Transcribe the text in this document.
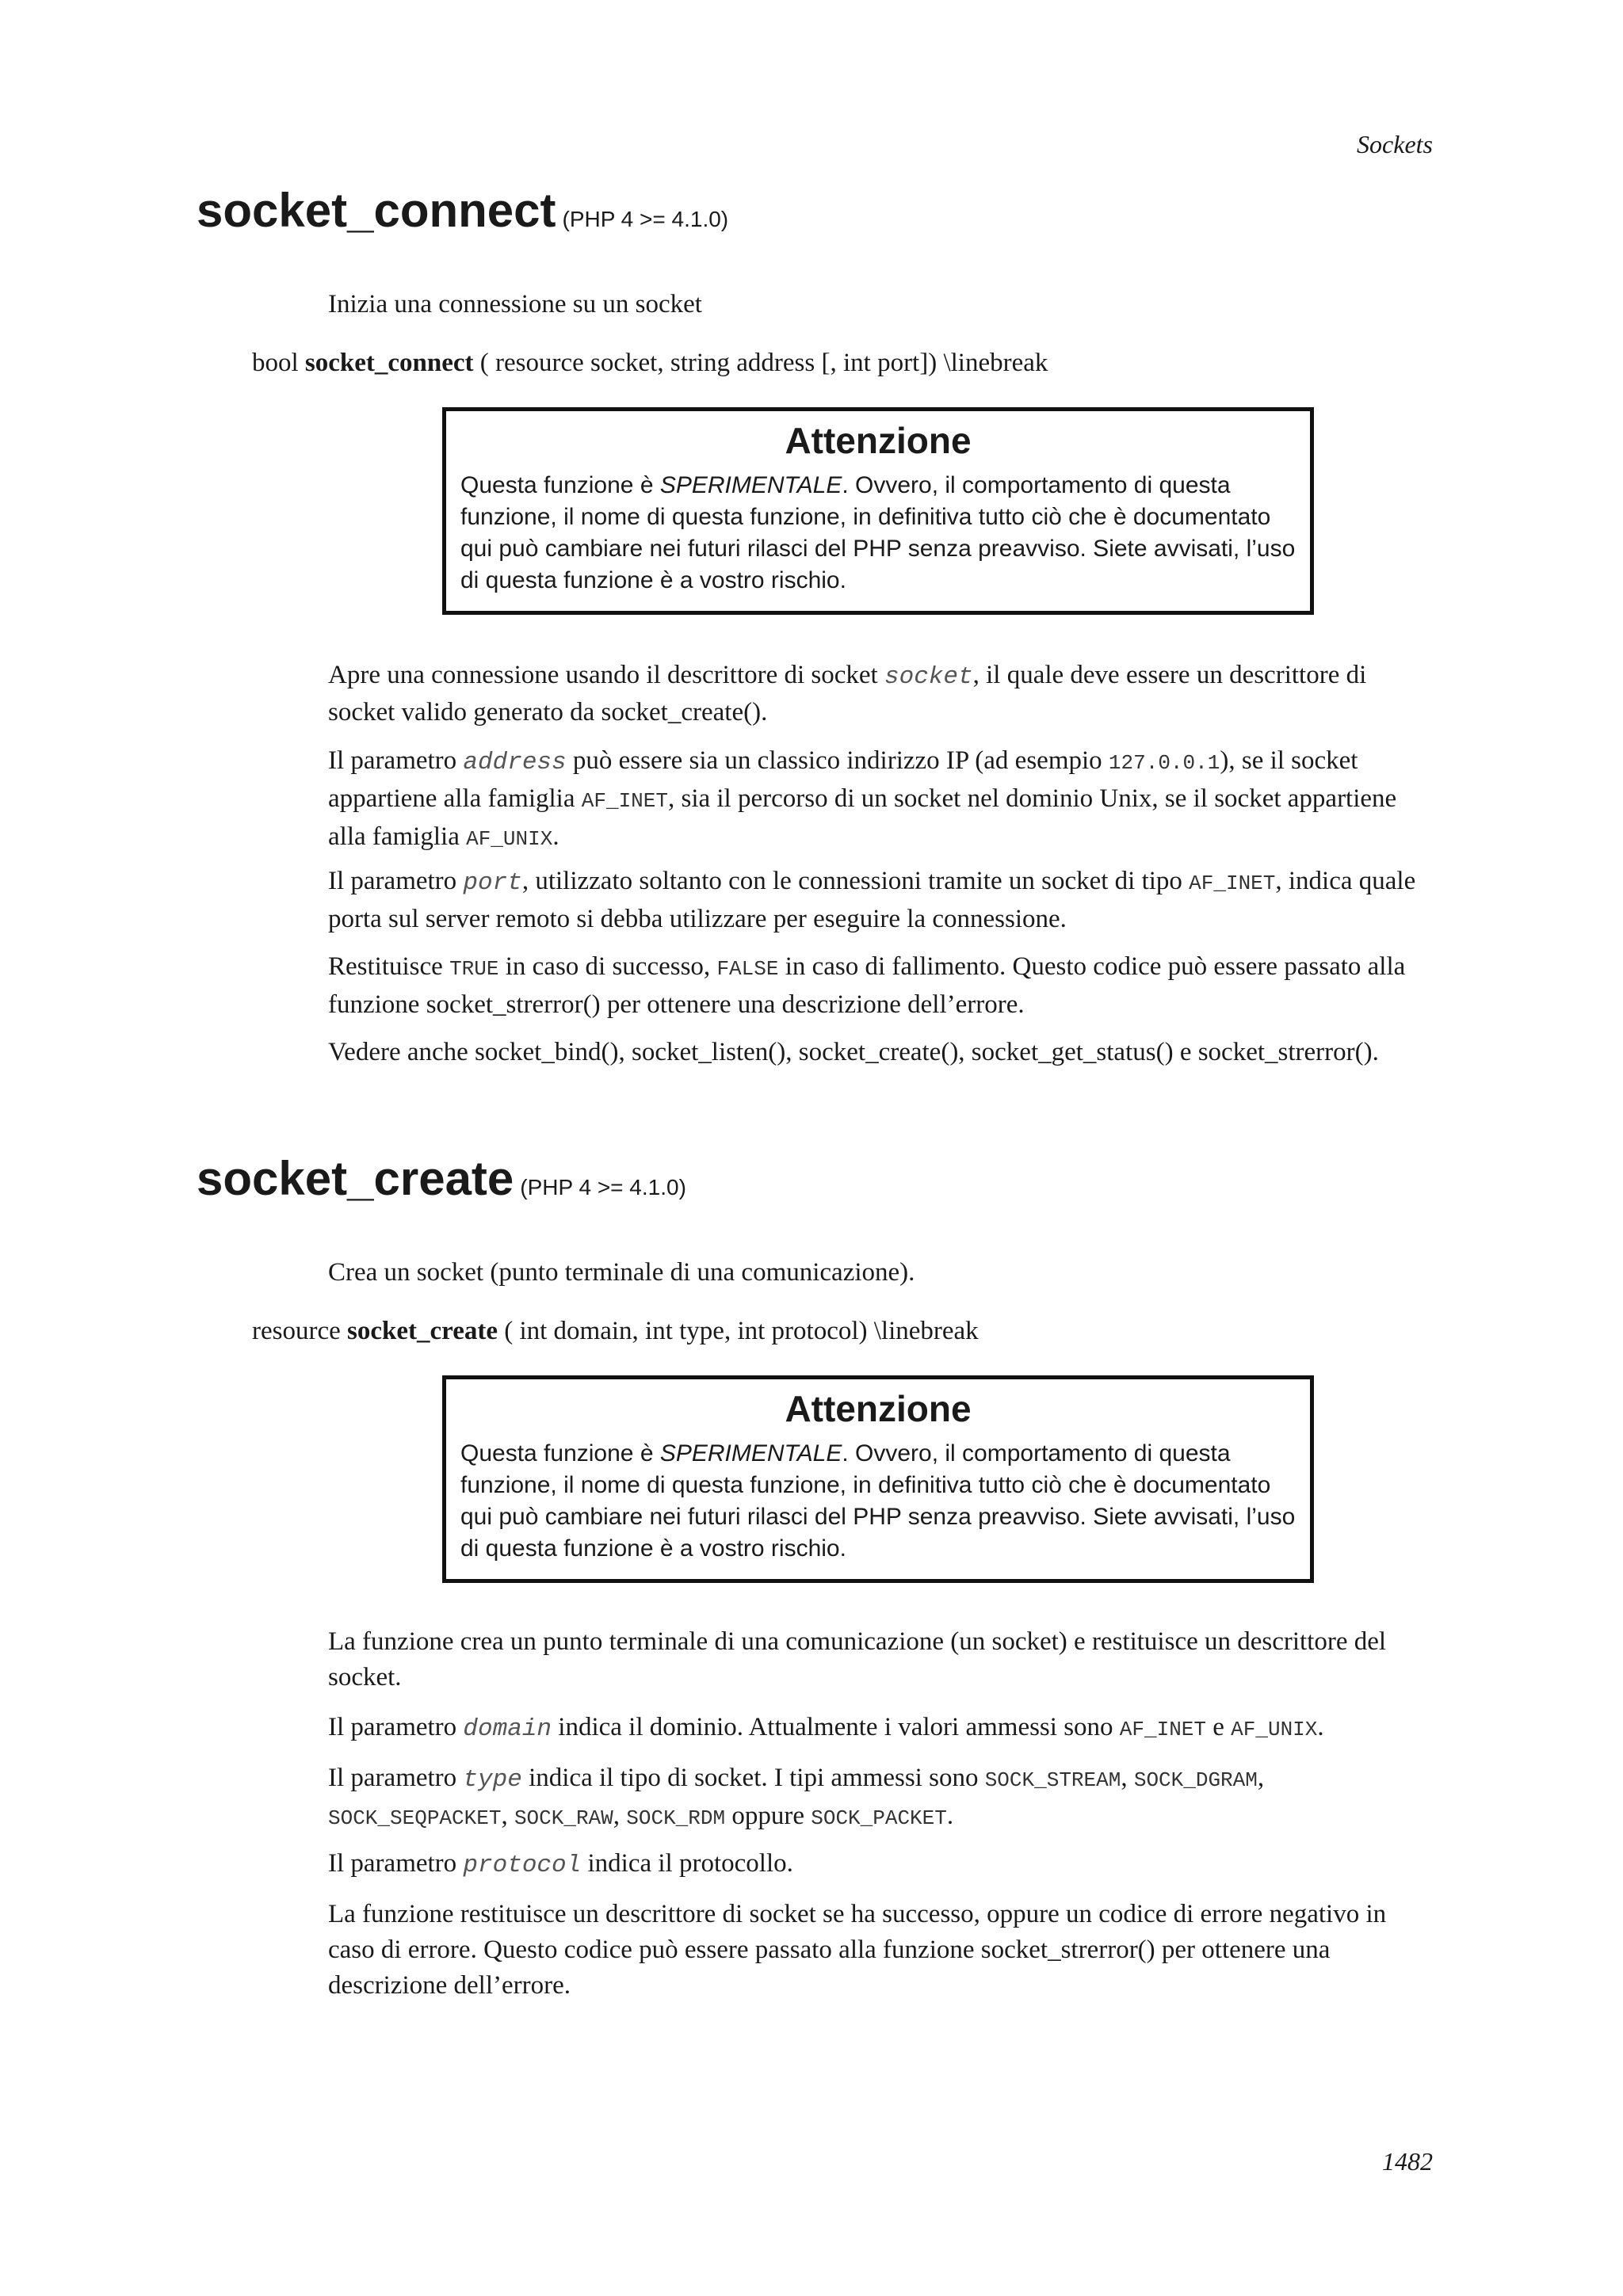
Sockets
socket_connect (PHP 4 >= 4.1.0)
Inizia una connessione su un socket
bool socket_connect ( resource socket, string address [, int port]) \linebreak
Attenzione
Questa funzione è SPERIMENTALE. Ovvero, il comportamento di questa funzione, il nome di questa funzione, in definitiva tutto ciò che è documentato qui può cambiare nei futuri rilasci del PHP senza preavviso. Siete avvisati, l’uso di questa funzione è a vostro rischio.
Apre una connessione usando il descrittore di socket socket, il quale deve essere un descrittore di socket valido generato da socket_create().
Il parametro address può essere sia un classico indirizzo IP (ad esempio 127.0.0.1), se il socket appartiene alla famiglia AF_INET, sia il percorso di un socket nel dominio Unix, se il socket appartiene alla famiglia AF_UNIX.
Il parametro port, utilizzato soltanto con le connessioni tramite un socket di tipo AF_INET, indica quale porta sul server remoto si debba utilizzare per eseguire la connessione.
Restituisce TRUE in caso di successo, FALSE in caso di fallimento. Questo codice può essere passato alla funzione socket_strerror() per ottenere una descrizione dell’errore.
Vedere anche socket_bind(), socket_listen(), socket_create(), socket_get_status() e socket_strerror().
socket_create (PHP 4 >= 4.1.0)
Crea un socket (punto terminale di una comunicazione).
resource socket_create ( int domain, int type, int protocol) \linebreak
Attenzione
Questa funzione è SPERIMENTALE. Ovvero, il comportamento di questa funzione, il nome di questa funzione, in definitiva tutto ciò che è documentato qui può cambiare nei futuri rilasci del PHP senza preavviso. Siete avvisati, l’uso di questa funzione è a vostro rischio.
La funzione crea un punto terminale di una comunicazione (un socket) e restituisce un descrittore del socket.
Il parametro domain indica il dominio. Attualmente i valori ammessi sono AF_INET e AF_UNIX.
Il parametro type indica il tipo di socket. I tipi ammessi sono SOCK_STREAM, SOCK_DGRAM, SOCK_SEQPACKET, SOCK_RAW, SOCK_RDM oppure SOCK_PACKET.
Il parametro protocol indica il protocollo.
La funzione restituisce un descrittore di socket se ha successo, oppure un codice di errore negativo in caso di errore. Questo codice può essere passato alla funzione socket_strerror() per ottenere una descrizione dell’errore.
1482
